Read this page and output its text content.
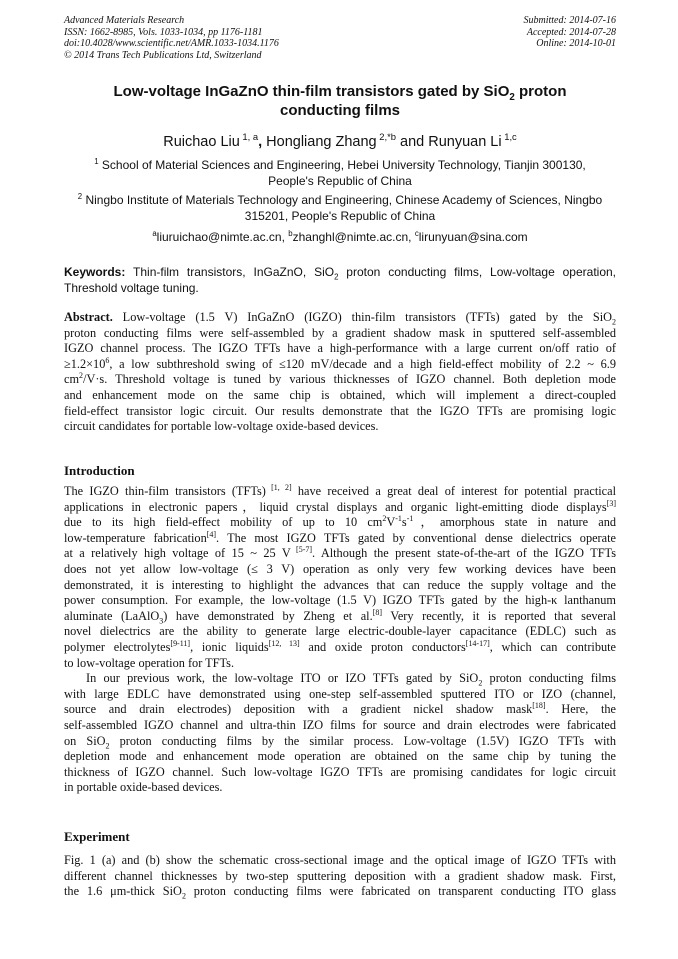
Advanced Materials Research
ISSN: 1662-8985, Vols. 1033-1034, pp 1176-1181
doi:10.4028/www.scientific.net/AMR.1033-1034.1176
© 2014 Trans Tech Publications Ltd, Switzerland
Submitted: 2014-07-16
Accepted: 2014-07-28
Online: 2014-10-01
Low-voltage InGaZnO thin-film transistors gated by SiO$_2$ proton
conducting films
Ruichao Liu $^{1, a}$, Hongliang Zhang $^{2,*b}$ and Runyuan Li $^{1,c}$
$^1$ School of Material Sciences and Engineering, Hebei University Technology, Tianjin 300130,
People's Republic of China
$^2$ Ningbo Institute of Materials Technology and Engineering, Chinese Academy of Sciences, Ningbo
315201, People's Republic of China
$^a$liuruichao@nimte.ac.cn, $^b$zhanghl@nimte.ac.cn, $^c$lirunyuan@sina.com
Keywords: Thin-film transistors, InGaZnO, SiO$_2$ proton conducting films, Low-voltage operation, Threshold voltage tuning.
Abstract. Low-voltage (1.5 V) InGaZnO (IGZO) thin-film transistors (TFTs) gated by the SiO$_2$
proton conducting films were self-assembled by a gradient shadow mask in sputtered self-assembled
IGZO channel process. The IGZO TFTs have a high-performance with a large current on/off ratio of
$\ge 1.2\times 10^6$, a low subthreshold swing of ≤120 mV/decade and a high field-effect mobility of 2.2 ~ 6.9
$cm^2/V\cdot s$. Threshold voltage is tuned by various thicknesses of IGZO channel. Both depletion mode
and enhancement mode on the same chip is obtained, which will implement a direct-coupled
field-effect transistor logic circuit. Our results demonstrate that the IGZO TFTs are promising logic
circuit candidates for portable low-voltage oxide-based devices.
Introduction
The IGZO thin-film transistors (TFTs) [1, 2] have received a great deal of interest for potential practical
applications in electronic papers，liquid crystal displays and organic light-emitting diode displays[3]
due to its high field-effect mobility of up to 10 $cm^2V^{-1}s^{-1}$，amorphous state in nature and
low-temperature fabrication[4]. The most IGZO TFTs gated by conventional dense dielectrics operate
at a relatively high voltage of 15 ~ 25 V [5-7]. Although the present state-of-the-art of the IGZO TFTs
does not yet allow low-voltage (≤ 3 V) operation as only very few working devices have been
demonstrated, it is interesting to highlight the advances that can reduce the supply voltage and the
power consumption. For example, the low-voltage (1.5 V) IGZO TFTs gated by the high-κ lanthanum
aluminate (LaAlO$_3$) have demonstrated by Zheng et al.[8] Very recently, it is reported that several
novel dielectrics are the ability to generate large electric-double-layer capacitance (EDLC) such as
polymer electrolytes[9-11], ionic liquids[12, 13] and oxide proton conductors[14-17], which can contribute
to low-voltage operation for TFTs.
In our previous work, the low-voltage ITO or IZO TFTs gated by SiO$_2$ proton conducting films
with large EDLC have demonstrated using one-step self-assembled sputtered ITO or IZO (channel,
source and drain electrodes) deposition with a gradient nickel shadow mask[18]. Here, the
self-assembled IGZO channel and ultra-thin IZO films for source and drain electrodes were fabricated
on SiO$_2$ proton conducting films by the similar process. Low-voltage (1.5V) IGZO TFTs with
depletion mode and enhancement mode operation are obtained on the same chip by tuning the
thickness of IGZO channel. Such low-voltage IGZO TFTs are promising candidates for logic circuit
in portable oxide-based devices.
Experiment
Fig. 1 (a) and (b) show the schematic cross-sectional image and the optical image of IGZO TFTs with
different channel thicknesses by two-step sputtering deposition with a gradient shadow mask. First,
the 1.6 μm-thick SiO$_2$ proton conducting films were fabricated on transparent conducting ITO glass
